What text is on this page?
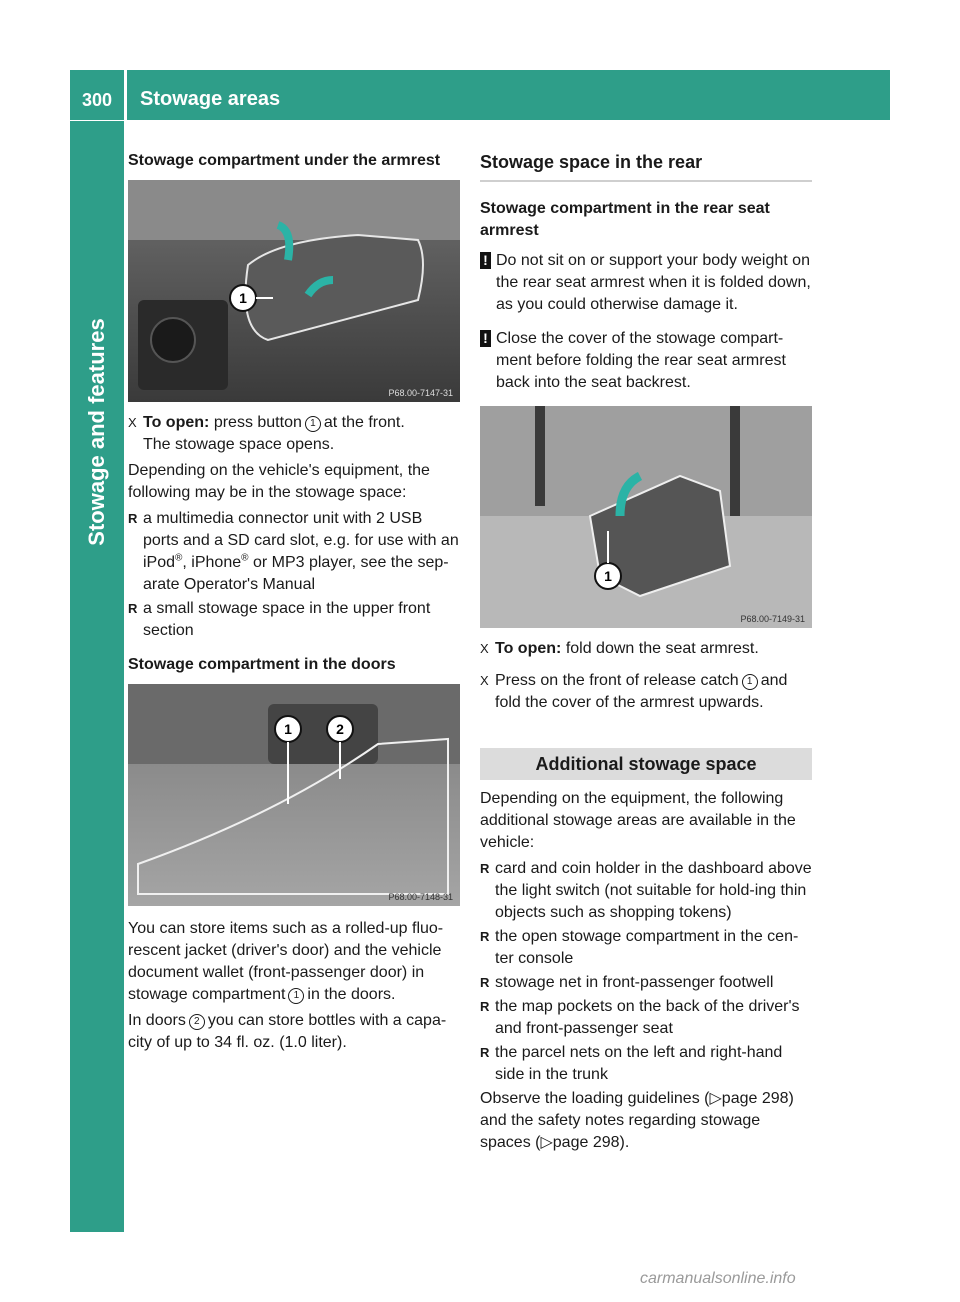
300	Stowage areas
Stowage and features
Stowage compartment under the armrest
1
P68.00-7147-31
X To open: press button 1 at the front.
The stowage space opens.

Depending on the vehicle's equipment, the following may be in the stowage space:

R a multimedia connector unit with 2 USB ports and a SD card slot, e.g. for use with an iPod®, iPhone® or MP3 player, see the sep-arate Operator's Manual
R a small stowage space in the upper front section
Stowage compartment in the doors
1	2
P68.00-7148-31

You can store items such as a rolled-up fluo-rescent jacket (driver's door) and the vehicle document wallet (front-passenger door) in stowage compartment 1 in the doors.

In doors 2 you can store bottles with a capa-city of up to 34 fl. oz. (1.0 liter).

Stowage space in the rear
Stowage compartment in the rear seat armrest
! Do not sit on or support your body weight on the rear seat armrest when it is folded down, as you could otherwise damage it.
! Close the cover of the stowage compart-ment before folding the rear seat armrest back into the seat backrest.
1
P68.00-7149-31
X To open: fold down the seat armrest.
X Press on the front of release catch 1 and fold the cover of the armrest upwards.
Additional stowage space

Depending on the equipment, the following additional stowage areas are available in the vehicle:

R card and coin holder in the dashboard above the light switch (not suitable for hold-ing thin objects such as shopping tokens)
R the open stowage compartment in the cen-ter console
R stowage net in front-passenger footwell
R the map pockets on the back of the driver's and front-passenger seat
R the parcel nets on the left and right-hand side in the trunk

Observe the loading guidelines (▷page 298) and the safety notes regarding stowage spaces (▷page 298).

carmanualsonline.info
